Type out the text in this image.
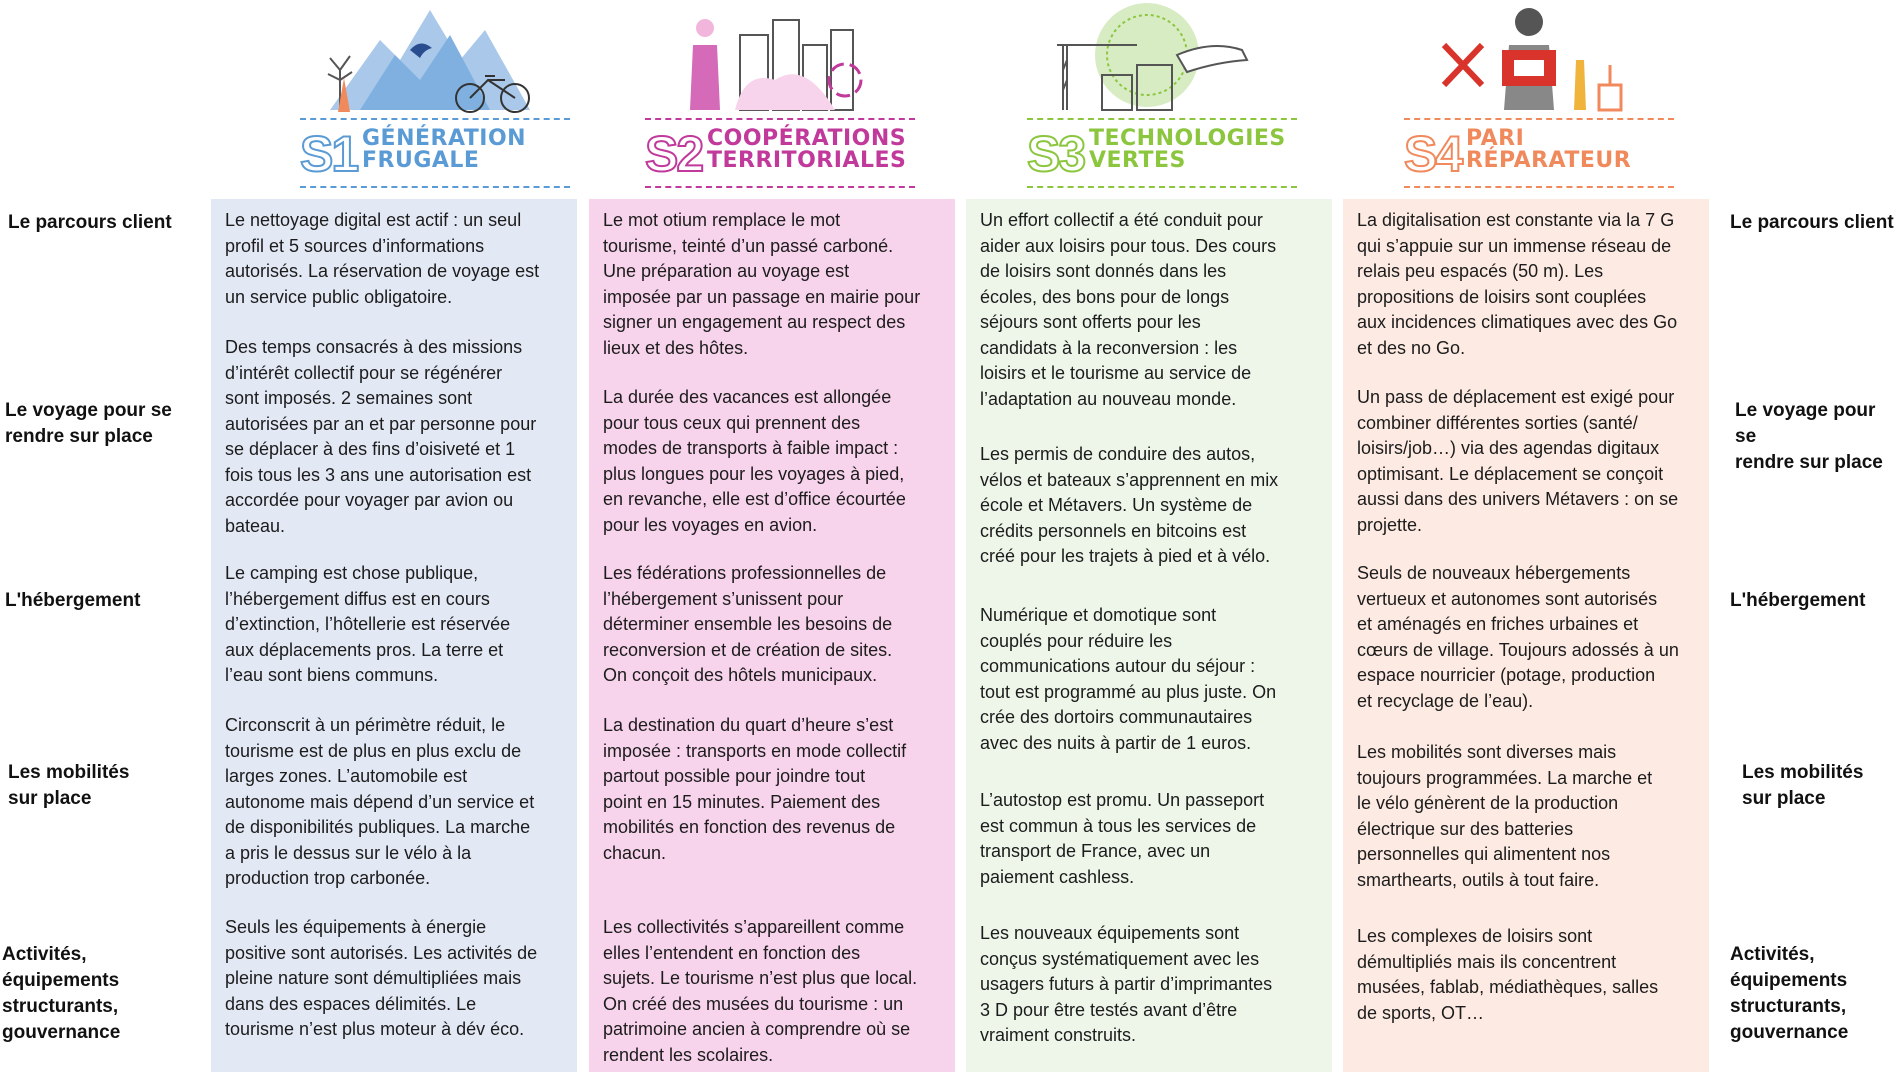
Le parcours client
Le voyage pour se
rendre sur place
L'hébergement
Les mobilités
sur place
Activités,
équipements
structurants,
gouvernance
Le parcours client
Le voyage pour se
rendre sur place
L'hébergement
Les mobilités
sur place
Activités,
équipements
structurants,
gouvernance
S1 GÉNÉRATION
FRUGALE

Le nettoyage digital est actif : un seul
profil et 5 sources d’informations
autorisés. La réservation de voyage est
un service public obligatoire.

Des temps consacrés à des missions
d’intérêt collectif pour se régénérer
sont imposés. 2 semaines sont
autorisées par an et par personne pour
se déplacer à des fins d’oisiveté et 1
fois tous les 3 ans une autorisation est
accordée pour voyager par avion ou
bateau.

Le camping est chose publique,
l’hébergement diffus est en cours
d’extinction, l’hôtellerie est réservée
aux déplacements pros. La terre et
l’eau sont biens communs.

Circonscrit à un périmètre réduit, le
tourisme est de plus en plus exclu de
larges zones. L’automobile est
autonome mais dépend d’un service et
de disponibilités publiques. La marche
a pris le dessus sur le vélo à la
production trop carbonée.

Seuls les équipements à énergie
positive sont autorisés. Les activités de
pleine nature sont démultipliées mais
dans des espaces délimités. Le
tourisme n’est plus moteur à dév éco.

S2 COOPÉRATIONS
TERRITORIALES

Le mot otium remplace le mot
tourisme, teinté d’un passé carboné.
Une préparation au voyage est
imposée par un passage en mairie pour
signer un engagement au respect des
lieux et des hôtes.

La durée des vacances est allongée
pour tous ceux qui prennent des
modes de transports à faible impact :
plus longues pour les voyages à pied,
en revanche, elle est d’office écourtée
pour les voyages en avion.

Les fédérations professionnelles de
l’hébergement s’unissent pour
déterminer ensemble les besoins de
reconversion et de création de sites.
On conçoit des hôtels municipaux.

La destination du quart d’heure s’est
imposée : transports en mode collectif
partout possible pour joindre tout
point en 15 minutes. Paiement des
mobilités en fonction des revenus de
chacun.

Les collectivités s’appareillent comme
elles l’entendent en fonction des
sujets. Le tourisme n’est plus que local.
On créé des musées du tourisme : un
patrimoine ancien à comprendre où se
rendent les scolaires.

S3 TECHNOLOGIES
VERTES

Un effort collectif a été conduit pour
aider aux loisirs pour tous. Des cours
de loisirs sont donnés dans les
écoles, des bons pour de longs
séjours sont offerts pour les
candidats à la reconversion : les
loisirs et le tourisme au service de
l’adaptation au nouveau monde.

Les permis de conduire des autos,
vélos et bateaux s’apprennent en mix
école et Métavers. Un système de
crédits personnels en bitcoins est
créé pour les trajets à pied et à vélo.

Numérique et domotique sont
couplés pour réduire les
communications autour du séjour :
tout est programmé au plus juste. On
crée des dortoirs communautaires
avec des nuits à partir de 1 euros.

L’autostop est promu. Un passeport
est commun à tous les services de
transport de France, avec un
paiement cashless.

Les nouveaux équipements sont
conçus systématiquement avec les
usagers futurs à partir d’imprimantes
3 D pour être testés avant d’être
vraiment construits.

S4 PARI
RÉPARATEUR

La digitalisation est constante via la 7 G
qui s’appuie sur un immense réseau de
relais peu espacés (50 m). Les
propositions de loisirs sont couplées
aux incidences climatiques avec des Go
et des no Go.

Un pass de déplacement est exigé pour
combiner différentes sorties (santé/
loisirs/job…) via des agendas digitaux
optimisant. Le déplacement se conçoit
aussi dans des univers Métavers : on se
projette.

Seuls de nouveaux hébergements
vertueux et autonomes sont autorisés
et aménagés en friches urbaines et
cœurs de village. Toujours adossés à un
espace nourricier (potage, production
et recyclage de l’eau).

Les mobilités sont diverses mais
toujours programmées. La marche et
le vélo génèrent de la production
électrique sur des batteries
personnelles qui alimentent nos
smarthearts, outils à tout faire.

Les complexes de loisirs sont
démultipliés mais ils concentrent
musées, fablab, médiathèques, salles
de sports, OT…
